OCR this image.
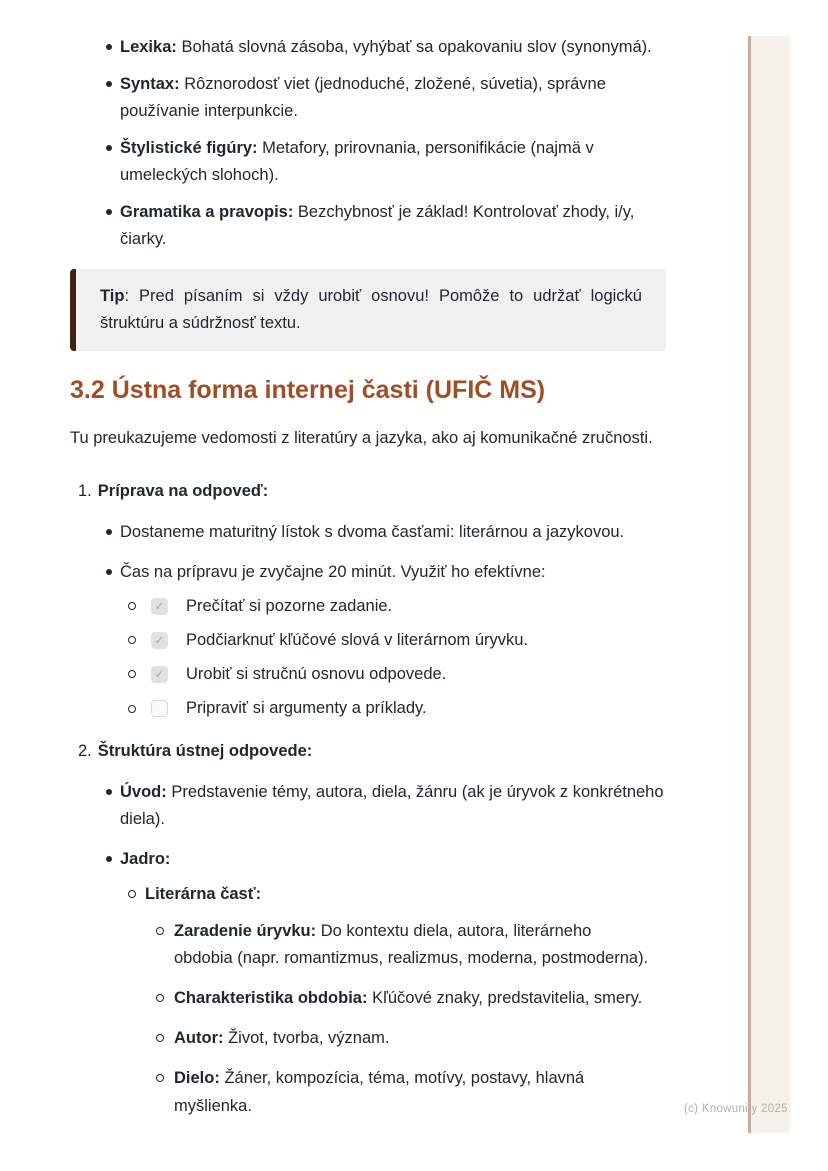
Lexika: Bohatá slovná zásoba, vyhýbať sa opakovaniu slov (synonymá).
Syntax: Rôznorodosť viet (jednoduché, zložené, súvetia), správne používanie interpunkcie.
Štylistické figúry: Metafory, prirovnania, personifikácie (najmä v umeleckých slohoch).
Gramatika a pravopis: Bezchybnosť je základ! Kontrolovať zhody, i/y, čiarky.
Tip: Pred písaním si vždy urobiť osnovu! Pomôže to udržať logickú štruktúru a súdržnosť textu.
3.2 Ústna forma internej časti (UFIČ MS)

Tu preukazujeme vedomosti z literatúry a jazyka, ako aj komunikačné zručnosti.

1. Príprava na odpoveď:
Dostaneme maturitný lístok s dvoma časťami: literárnou a jazykovou.
Čas na prípravu je zvyčajne 20 minút. Využiť ho efektívne:
✓ Prečítať si pozorne zadanie.
✓ Podčiarknuť kľúčové slová v literárnom úryvku.
✓ Urobiť si stručnú osnovu odpovede.
Pripraviť si argumenty a príklady.
2. Štruktúra ústnej odpovede:
Úvod: Predstavenie témy, autora, diela, žánru (ak je úryvok z konkrétneho diela).
Jadro:
Literárna časť:
Zaradenie úryvku: Do kontextu diela, autora, literárneho obdobia (napr. romantizmus, realizmus, moderna, postmoderna).
Charakteristika obdobia: Kľúčové znaky, predstavitelia, smery.
Autor: Život, tvorba, význam.
Dielo: Žáner, kompozícia, téma, motívy, postavy, hlavná myšlienka.	(c) Knowunity 2025
